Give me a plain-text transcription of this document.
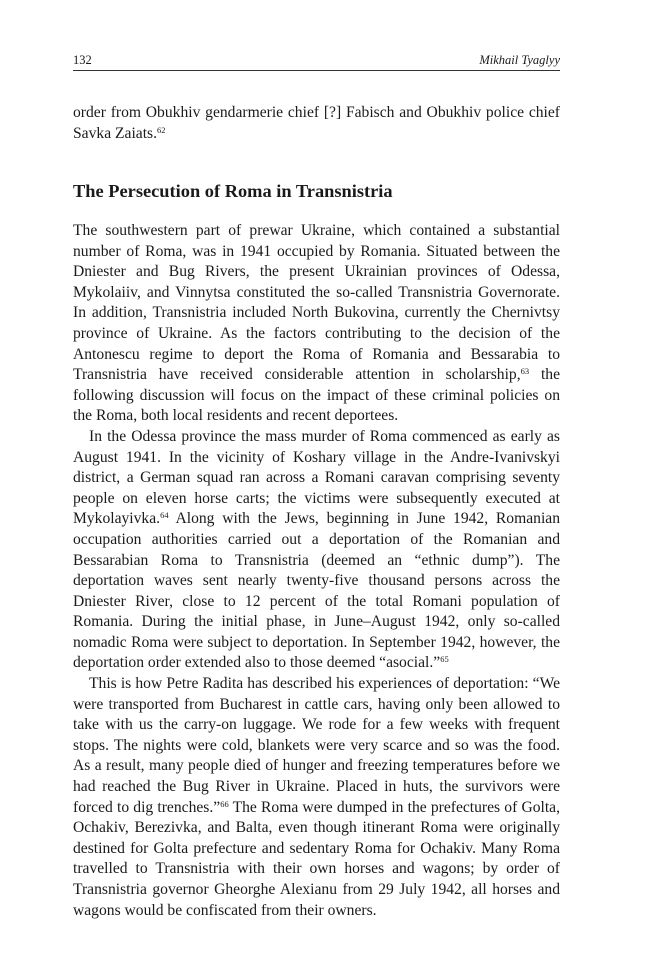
132	Mikhail Tyaglyy
order from Obukhiv gendarmerie chief [?] Fabisch and Obukhiv police chief Savka Zaiats.$^{62}$
The Persecution of Roma in Transnistria

The southwestern part of prewar Ukraine, which contained a substantial number of Roma, was in 1941 occupied by Romania. Situated between the Dniester and Bug Rivers, the present Ukrainian provinces of Odessa, Mykolaiiv, and Vinnytsa constituted the so-called Transnistria Governorate. In addition, Transnistria included North Bukovina, currently the Chernivtsy province of Ukraine. As the factors contributing to the decision of the Antonescu regime to deport the Roma of Romania and Bessarabia to Transnistria have received considerable attention in scholarship,$^{63}$ the following discussion will focus on the impact of these criminal policies on the Roma, both local residents and recent deportees.

In the Odessa province the mass murder of Roma commenced as early as August 1941. In the vicinity of Koshary village in the Andre-Ivanivskyi district, a German squad ran across a Romani caravan comprising seventy people on eleven horse carts; the victims were subsequently executed at Mykolayivka.$^{64}$ Along with the Jews, beginning in June 1942, Romanian occupation authorities carried out a deportation of the Romanian and Bessarabian Roma to Transnistria (deemed an “ethnic dump”). The deportation waves sent nearly twenty-five thousand persons across the Dniester River, close to 12 percent of the total Romani population of Romania. During the initial phase, in June–August 1942, only so-called nomadic Roma were subject to deportation. In September 1942, however, the deportation order extended also to those deemed “asocial.”$^{65}$

This is how Petre Radita has described his experiences of deportation: “We were transported from Bucharest in cattle cars, having only been allowed to take with us the carry-on luggage. We rode for a few weeks with frequent stops. The nights were cold, blankets were very scarce and so was the food. As a result, many people died of hunger and freezing temperatures before we had reached the Bug River in Ukraine. Placed in huts, the survivors were forced to dig trenches.”$^{66}$ The Roma were dumped in the prefectures of Golta, Ochakiv, Berezivka, and Balta, even though itinerant Roma were originally destined for Golta prefecture and sedentary Roma for Ochakiv. Many Roma travelled to Transnistria with their own horses and wagons; by order of Transnistria governor Gheorghe Alexianu from 29 July 1942, all horses and wagons would be confiscated from their owners.
